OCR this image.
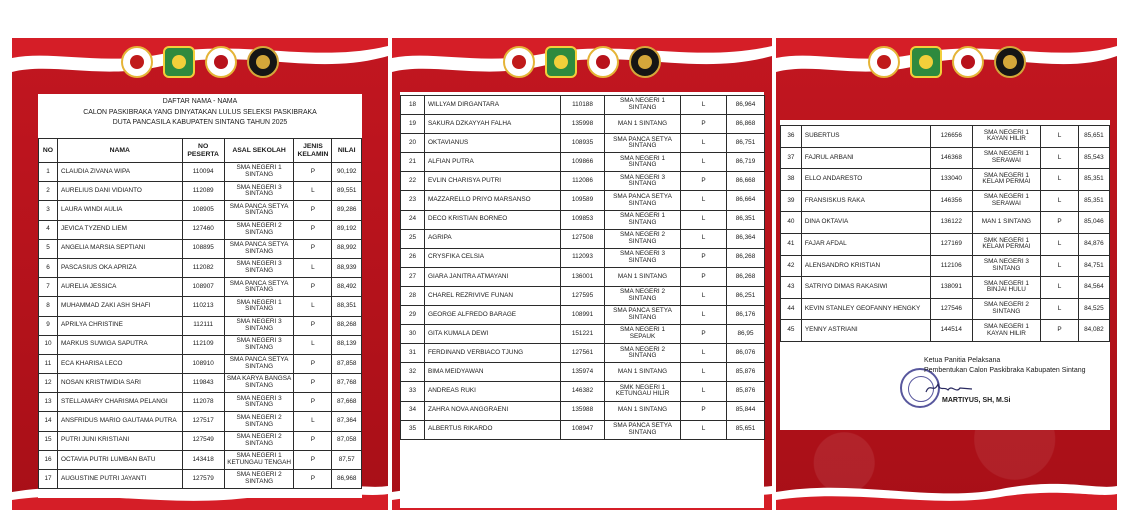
DAFTAR NAMA - NAMA
CALON PASKIBRAKA YANG DINYATAKAN LULUS SELEKSI PASKIBRAKA
DUTA PANCASILA KABUPATEN SINTANG TAHUN 2025
NO	NAMA	NO PESERTA	ASAL SEKOLAH	JENIS KELAMIN	NILAI
1	CLAUDIA ZIVANA WIPA	110094	SMA NEGERI 1 SINTANG	P	90,192
2	AURELIUS DANI VIDIANTO	112089	SMA NEGERI 3 SINTANG	L	89,551
3	LAURA WINDI AULIA	108905	SMA PANCA SETYA SINTANG	P	89,286
4	JEVICA TYZEND LIEM	127460	SMA NEGERI 2 SINTANG	P	89,192
5	ANGELIA MARSIA SEPTIANI	108895	SMA PANCA SETYA SINTANG	P	88,992
6	PASCASIUS OKA APRIZA	112082	SMA NEGERI 3 SINTANG	L	88,939
7	AURELIA JESSICA	108907	SMA PANCA SETYA SINTANG	P	88,492
8	MUHAMMAD ZAKI ASH SHAFI	110213	SMA NEGERI 1 SINTANG	L	88,351
9	APRILYA CHRISTINE	112111	SMA NEGERI 3 SINTANG	P	88,268
10	MARKUS SUWIGA SAPUTRA	112109	SMA NEGERI 3 SINTANG	L	88,139
11	ECA KHARISA LECO	108910	SMA PANCA SETYA SINTANG	P	87,858
12	NOSAN KRISTIWIDIA SARI	119843	SMA KARYA BANGSA SINTANG	P	87,768
13	STELLAMARY CHARISMA PELANGI	112078	SMA NEGERI 3 SINTANG	P	87,668
14	ANSFRIDUS MARIO GAUTAMA PUTRA	127517	SMA NEGERI 2 SINTANG	L	87,364
15	PUTRI JUNI KRISTIANI	127549	SMA NEGERI 2 SINTANG	P	87,058
16	OCTAVIA PUTRI LUMBAN BATU	143418	SMA NEGERI 1 KETUNGAU TENGAH	P	87,57
17	AUGUSTINE PUTRI JAYANTI	127579	SMA NEGERI 2 SINTANG	P	86,968
18	WILLYAM DIRGANTARA	110188	SMA NEGERI 1 SINTANG	L	86,964
19	SAKURA DZKAYYAH FALHA	135998	MAN 1 SINTANG	P	86,868
20	OKTAVIANUS	108935	SMA PANCA SETYA SINTANG	L	86,751
21	ALFIAN PUTRA	109866	SMA NEGERI 1 SINTANG	L	86,719
22	EVLIN CHARISYA PUTRI	112086	SMA NEGERI 3 SINTANG	P	86,668
23	MAZZARELLO PRIYO MARSANSO	109589	SMA PANCA SETYA SINTANG	L	86,664
24	DECO KRISTIAN BORNEO	109853	SMA NEGERI 1 SINTANG	L	86,351
25	AGRIPA	127508	SMA NEGERI 2 SINTANG	L	86,364
26	CRYSFIKA CELSIA	112093	SMA NEGERI 3 SINTANG	P	86,268
27	GIARA JANITRA ATMAYANI	136001	MAN 1 SINTANG	P	86,268
28	CHAREL REZRIVIVE FUNAN	127595	SMA NEGERI 2 SINTANG	L	86,251
29	GEORGE ALFREDO BARAGE	108991	SMA PANCA SETYA SINTANG	L	86,176
30	GITA KUMALA DEWI	151221	SMA NEGERI 1 SEPAUK	P	86,95
31	FERDINAND VERBIACO TJUNG	127561	SMA NEGERI 2 SINTANG	L	86,076
32	BIMA MEIDYAWAN	135974	MAN 1 SINTANG	L	85,876
33	ANDREAS RUKI	146382	SMK NEGERI 1 KETUNGAU HILIR	L	85,876
34	ZAHRA NOVA ANGGRAENI	135988	MAN 1 SINTANG	P	85,844
35	ALBERTUS RIKARDO	108947	SMA PANCA SETYA SINTANG	L	85,651
36	SUBERTUS	126656	SMA NEGERI 1 KAYAN HILIR	L	85,651
37	FAJRUL ARBANI	146368	SMA NEGERI 1 SERAWAI	L	85,543
38	ELLO ANDARESTO	133040	SMA NEGERI 1 KELAM PERMAI	L	85,351
39	FRANSISKUS RAKA	146356	SMA NEGERI 1 SERAWAI	L	85,351
40	DINA OKTAVIA	136122	MAN 1 SINTANG	P	85,046
41	FAJAR AFDAL	127169	SMK NEGERI 1 KELAM PERMAI	L	84,876
42	ALENSANDRO KRISTIAN	112106	SMA NEGERI 3 SINTANG	L	84,751
43	SATRIYO DIMAS RAKASIWI	138091	SMA NEGERI 1 BINJAI HULU	L	84,564
44	KEVIN STANLEY GEOFANNY HENGKY	127546	SMA NEGERI 2 SINTANG	L	84,525
45	YENNY ASTRIANI	144514	SMA NEGERI 1 KAYAN HILIR	P	84,082
Ketua Panitia Pelaksana
Pembentukan Calon Paskibraka Kabupaten Sintang
MARTIYUS, SH, M.Si
